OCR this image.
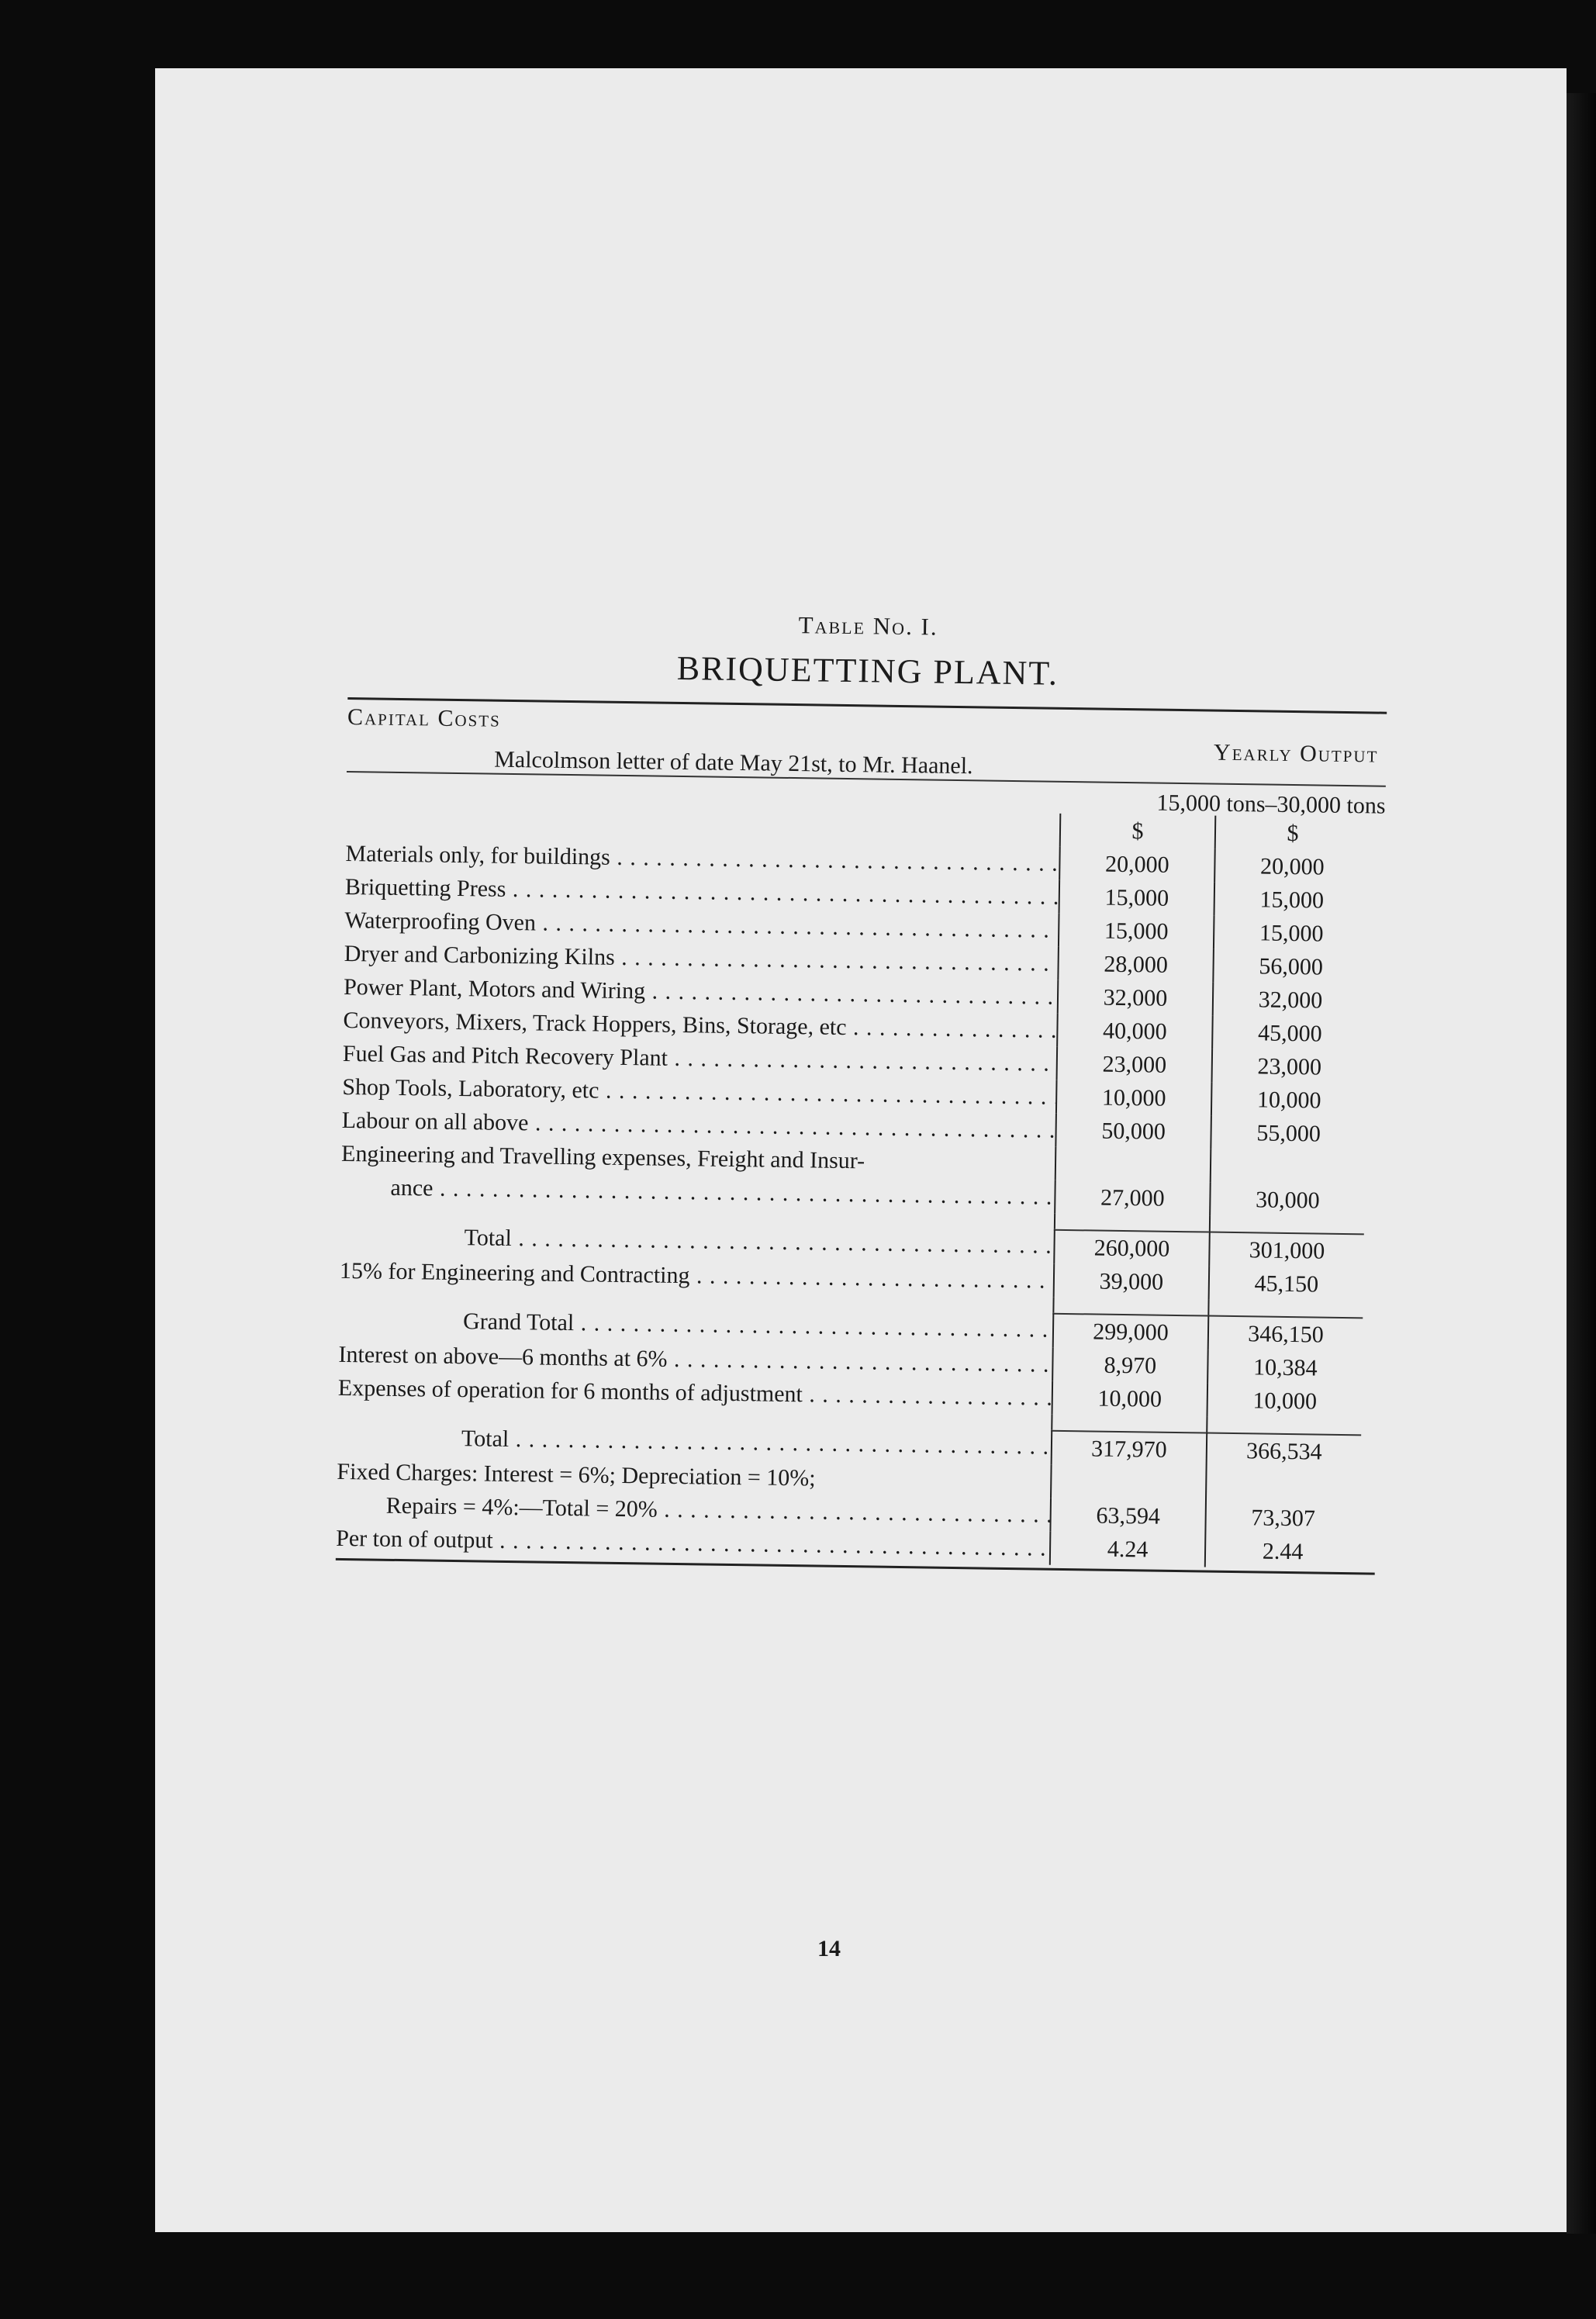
Table No. I.
BRIQUETTING PLANT.
Capital Costs
Yearly Output
Malcolmson letter of date May 21st, to Mr. Haanel.
15,000 tons–30,000 tons
$	$
Materials only, for buildings . . .	20,000	20,000
Briquetting Press . . .	15,000	15,000
Waterproofing Oven . . .	15,000	15,000
Dryer and Carbonizing Kilns . . .	28,000	56,000
Power Plant, Motors and Wiring . . .	32,000	32,000
Conveyors, Mixers, Track Hoppers, Bins, Storage, etc . . .	40,000	45,000
Fuel Gas and Pitch Recovery Plant . . .	23,000	23,000
Shop Tools, Laboratory, etc . . .	10,000	10,000
Labour on all above . . .	50,000	55,000
Engineering and Travelling expenses, Freight and Insur-
ance . . .	27,000	30,000
Total . . .	260,000	301,000
15% for Engineering and Contracting . . .	39,000	45,150
Grand Total . . .	299,000	346,150
Interest on above—6 months at 6% . . .	8,970	10,384
Expenses of operation for 6 months of adjustment . . .	10,000	10,000
Total . . .	317,970	366,534
Fixed Charges: Interest = 6%; Depreciation = 10%;
Repairs = 4%:—Total = 20% . . .	63,594	73,307
Per ton of output . . .	4.24	2.44
14
